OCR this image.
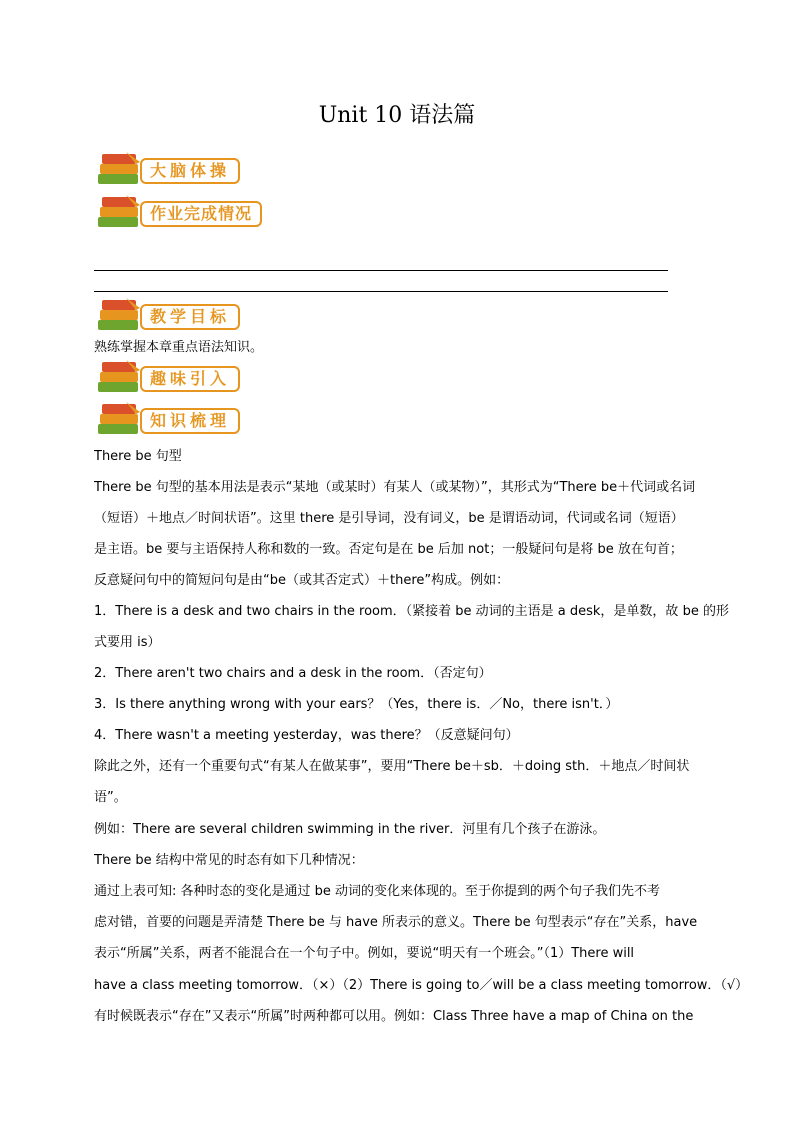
Unit 10 语法篇
大脑体操
作业完成情况
教学目标
熟练掌握本章重点语法知识。
趣味引入
知识梳理
There be 句型
There be 句型的基本用法是表示“某地（或某时）有某人（或某物）”，其形式为“There be＋代词或名词
（短语）＋地点／时间状语”。这里 there 是引导词，没有词义，be 是谓语动词，代词或名词（短语）
是主语。be 要与主语保持人称和数的一致。否定句是在 be 后加 not；一般疑问句是将 be 放在句首；
反意疑问句中的简短问句是由“be（或其否定式）＋there”构成。例如：
1．There is a desk and two chairs in the room．（紧接着 be 动词的主语是 a desk，是单数，故 be 的形
式要用 is）
2．There aren't two chairs and a desk in the room．（否定句）
3．Is there anything wrong with your ears？（Yes，there is．／No，there isn't．）
4．There wasn't a meeting yesterday，was there？（反意疑问句）
除此之外，还有一个重要句式“有某人在做某事”，要用“There be＋sb．＋doing sth．＋地点／时间状
语”。
例如：There are several children swimming in the river．河里有几个孩子在游泳。
There be 结构中常见的时态有如下几种情况：
通过上表可知: 各种时态的变化是通过 be 动词的变化来体现的。至于你提到的两个句子我们先不考
虑对错，首要的问题是弄清楚 There be 与 have 所表示的意义。There be 句型表示“存在”关系，have
表示“所属”关系，两者不能混合在一个句子中。例如，要说“明天有一个班会。”（1）There will
have a class meeting tomorrow．（×）（2）There is going to／will be a class meeting tomorrow．（√）
有时候既表示“存在”又表示“所属”时两种都可以用。例如：Class Three have a map of China on the
